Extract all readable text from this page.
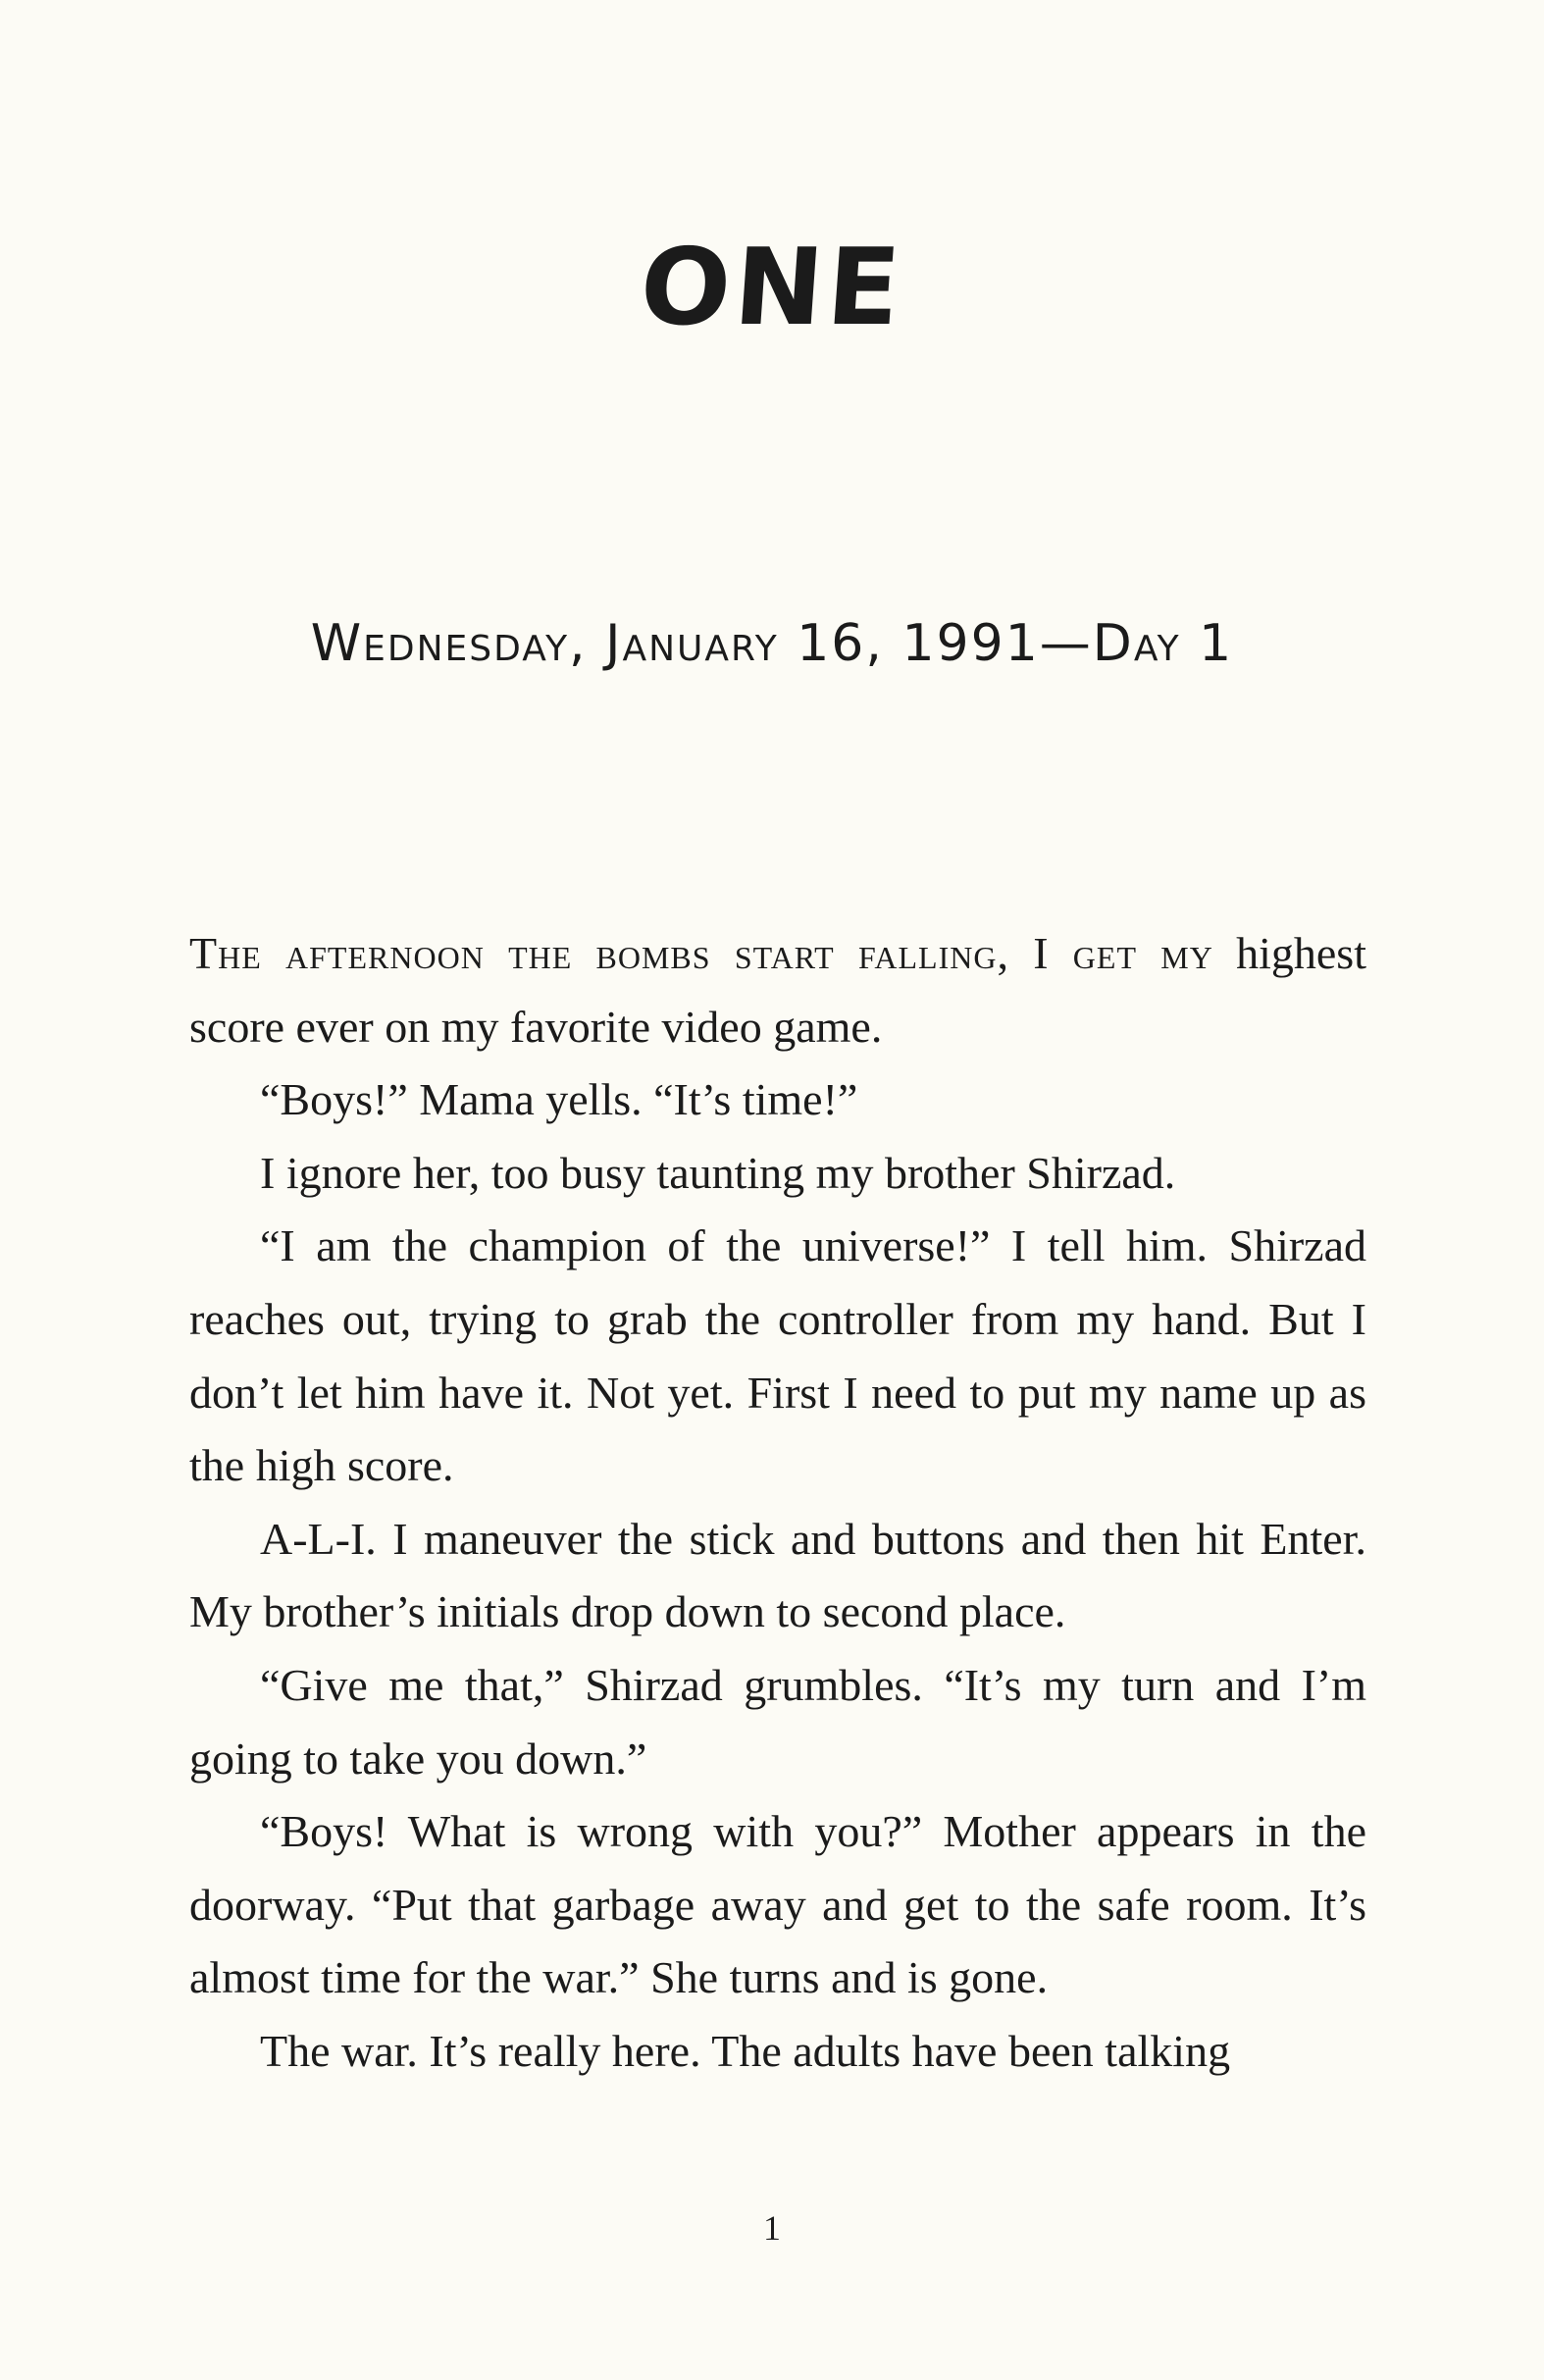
ONE
Wednesday, January 16, 1991—Day 1

The afternoon the bombs start falling, I get my highest score ever on my favorite video game.

“Boys!” Mama yells. “It’s time!”

I ignore her, too busy taunting my brother Shirzad.

“I am the champion of the universe!” I tell him. Shirzad reaches out, trying to grab the controller from my hand. But I don’t let him have it. Not yet. First I need to put my name up as the high score.

A-L-I. I maneuver the stick and buttons and then hit Enter. My brother’s initials drop down to second place.

“Give me that,” Shirzad grumbles. “It’s my turn and I’m going to take you down.”

“Boys! What is wrong with you?” Mother appears in the doorway. “Put that garbage away and get to the safe room. It’s almost time for the war.” She turns and is gone.

The war. It’s really here. The adults have been talking

1
